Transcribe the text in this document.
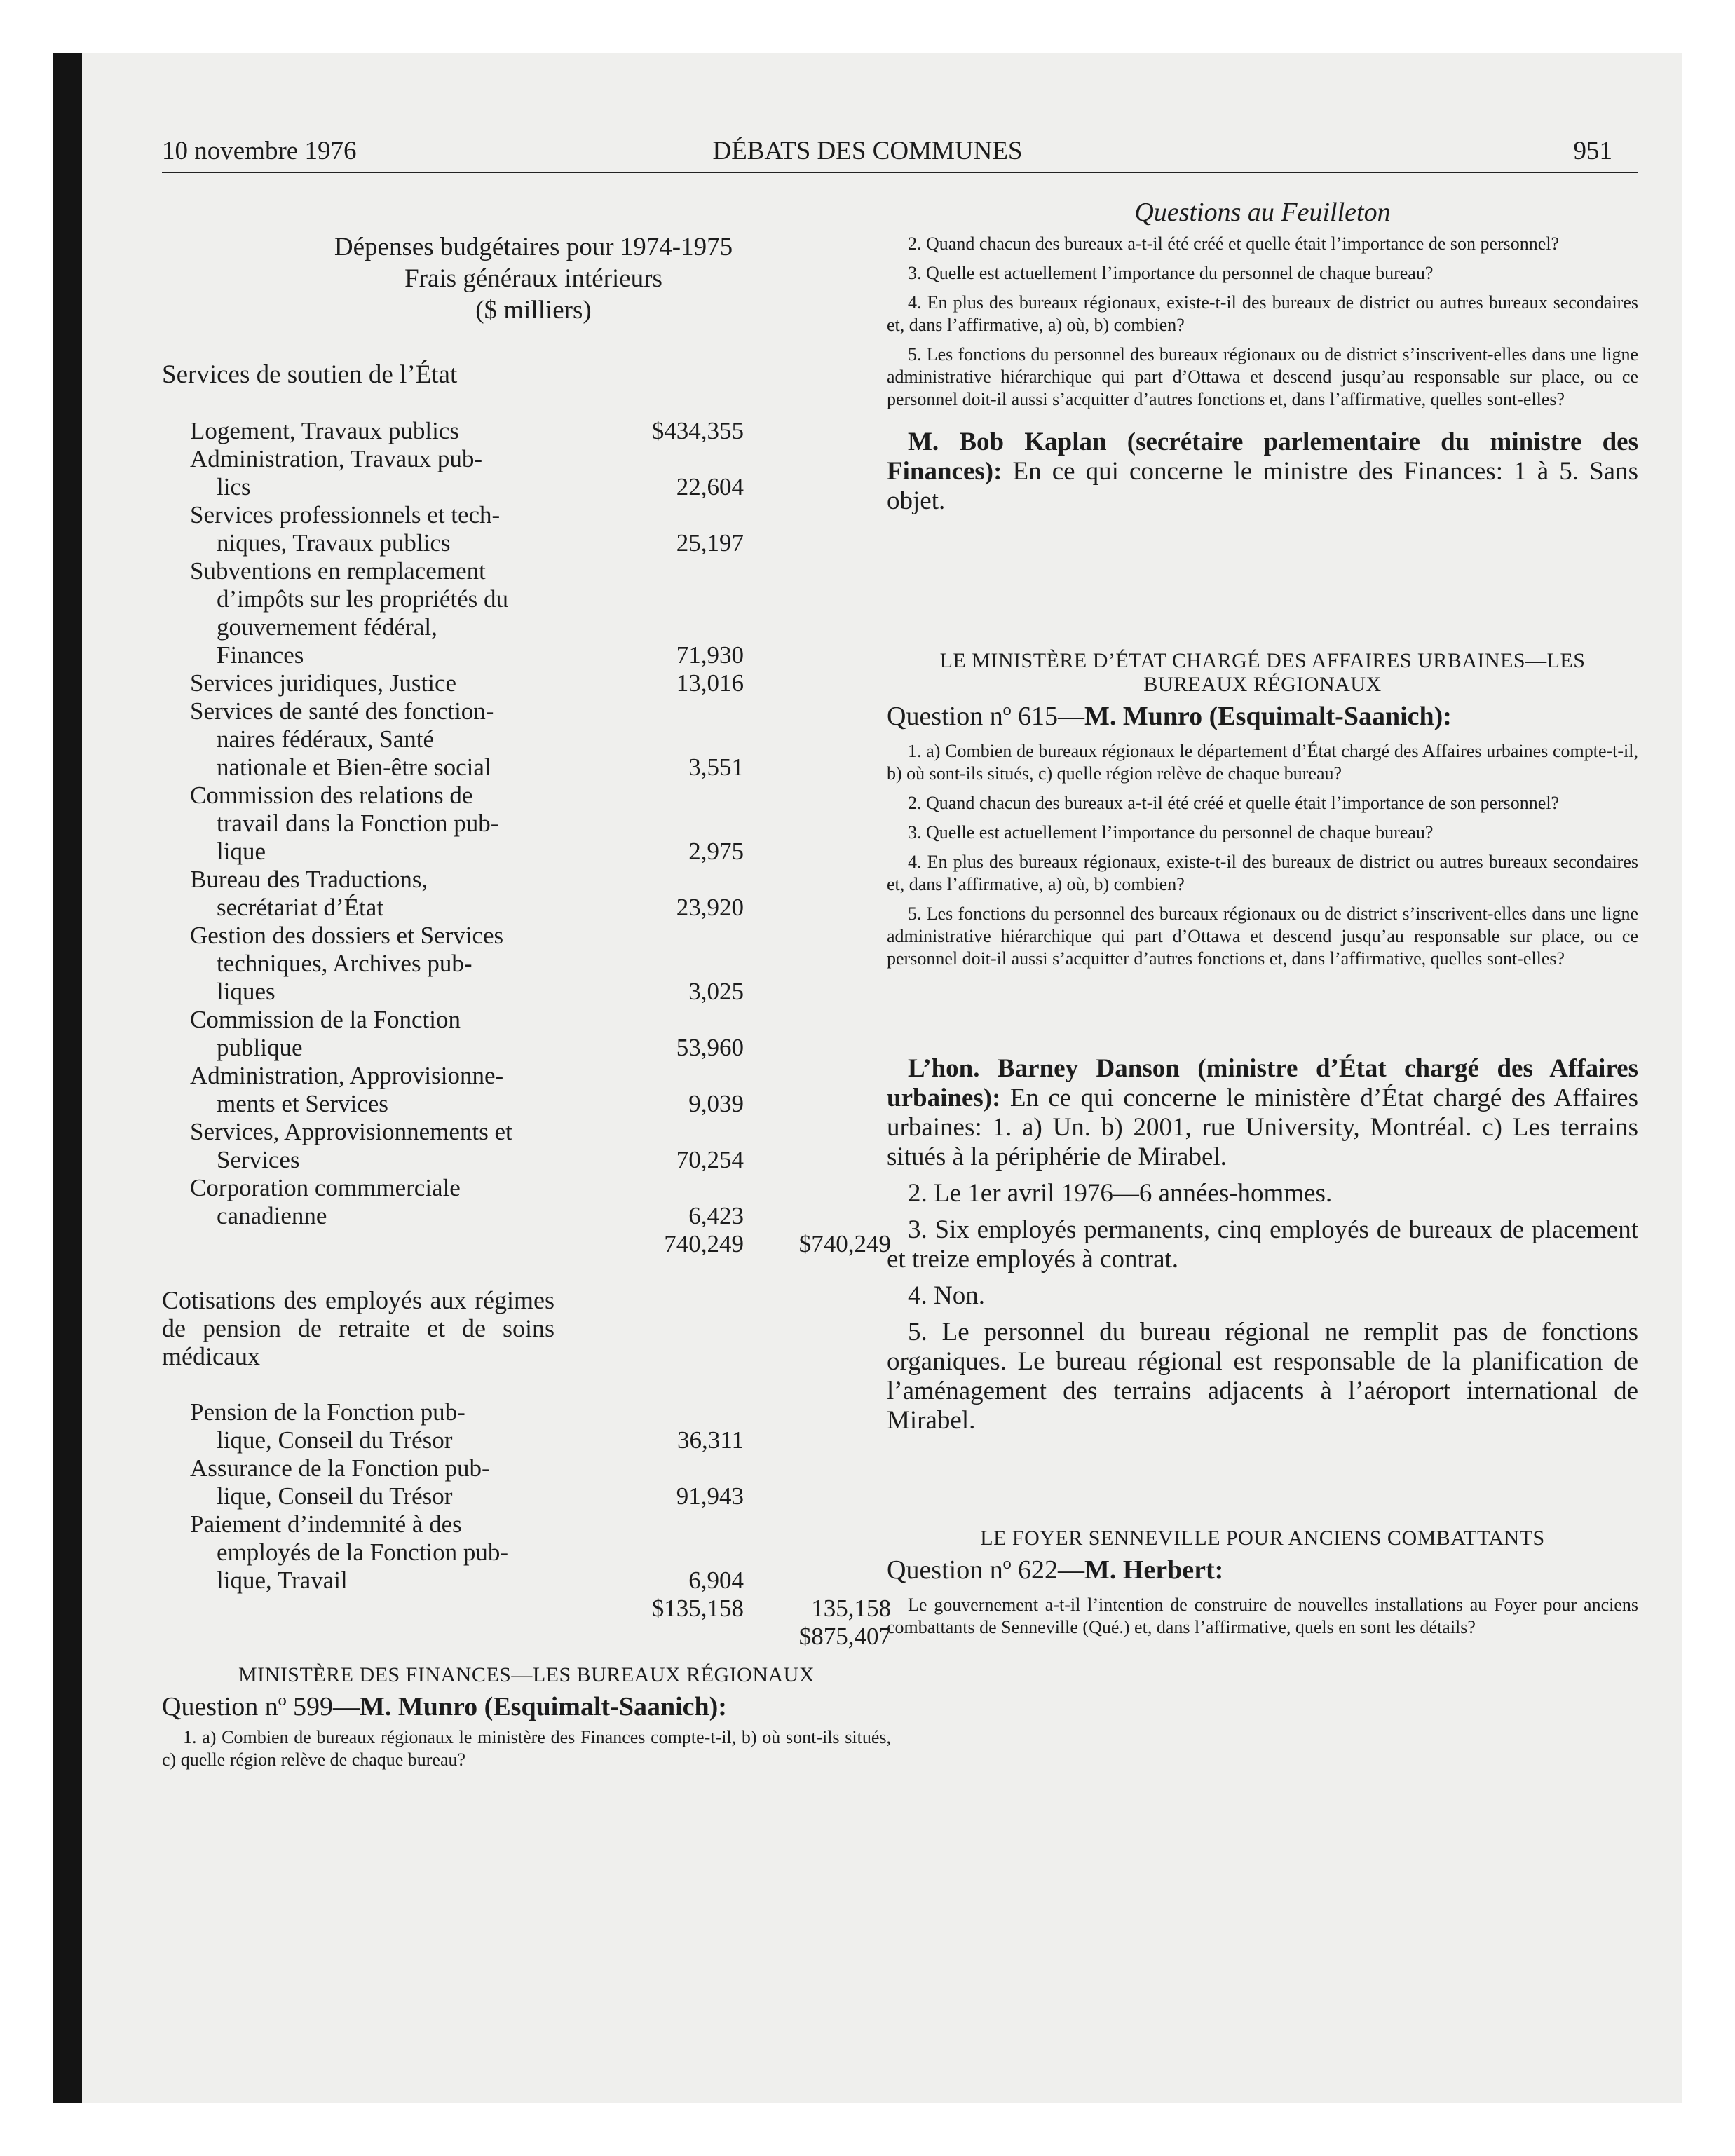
10 novembre 1976	DÉBATS DES COMMUNES	951
Dépenses budgétaires pour 1974-1975
Frais généraux intérieurs
($ milliers)
Services de soutien de l’État
Logement, Travaux publics	$434,355
Administration, Travaux pub-
lics	22,604
Services professionnels et tech-
niques, Travaux publics	25,197
Subventions en remplacement
d’impôts sur les propriétés du
gouvernement fédéral,
Finances	71,930
Services juridiques, Justice	13,016
Services de santé des fonction-
naires fédéraux, Santé
nationale et Bien-être social	3,551
Commission des relations de
travail dans la Fonction pub-
lique	2,975
Bureau des Traductions,
secrétariat d’État	23,920
Gestion des dossiers et Services
techniques, Archives pub-
liques	3,025
Commission de la Fonction
publique	53,960
Administration, Approvisionne-
ments et Services	9,039
Services, Approvisionnements et
Services	70,254
Corporation commmerciale
canadienne	6,423
740,249 $740,249
Cotisations des employés aux régimes de pension de retraite et de soins médicaux
Pension de la Fonction pub-
lique, Conseil du Trésor	36,311
Assurance de la Fonction pub-
lique, Conseil du Trésor	91,943
Paiement d’indemnité à des
employés de la Fonction pub-
lique, Travail	6,904
$135,158	135,158
$875,407
MINISTÈRE DES FINANCES—LES BUREAUX RÉGIONAUX
Question nº 599—M. Munro (Esquimalt-Saanich):

1. a) Combien de bureaux régionaux le ministère des Finances compte-t-il, b) où sont-ils situés, c) quelle région relève de chaque bureau?

Questions au Feuilleton

2. Quand chacun des bureaux a-t-il été créé et quelle était l’importance de son personnel?

3. Quelle est actuellement l’importance du personnel de chaque bureau?

4. En plus des bureaux régionaux, existe-t-il des bureaux de district ou autres bureaux secondaires et, dans l’affirmative, a) où, b) combien?

5. Les fonctions du personnel des bureaux régionaux ou de district s’inscrivent-elles dans une ligne administrative hiérarchique qui part d’Ottawa et descend jusqu’au responsable sur place, ou ce personnel doit-il aussi s’acquitter d’autres fonctions et, dans l’affirmative, quelles sont-elles?

M. Bob Kaplan (secrétaire parlementaire du ministre des Finances): En ce qui concerne le ministre des Finances: 1 à 5. Sans objet.

LE MINISTÈRE D’ÉTAT CHARGÉ DES AFFAIRES URBAINES—LES BUREAUX RÉGIONAUX
Question nº 615—M. Munro (Esquimalt-Saanich):

1. a) Combien de bureaux régionaux le département d’État chargé des Affaires urbaines compte-t-il, b) où sont-ils situés, c) quelle région relève de chaque bureau?

2. Quand chacun des bureaux a-t-il été créé et quelle était l’importance de son personnel?

3. Quelle est actuellement l’importance du personnel de chaque bureau?

4. En plus des bureaux régionaux, existe-t-il des bureaux de district ou autres bureaux secondaires et, dans l’affirmative, a) où, b) combien?

5. Les fonctions du personnel des bureaux régionaux ou de district s’inscrivent-elles dans une ligne administrative hiérarchique qui part d’Ottawa et descend jusqu’au responsable sur place, ou ce personnel doit-il aussi s’acquitter d’autres fonctions et, dans l’affirmative, quelles sont-elles?

L’hon. Barney Danson (ministre d’État chargé des Affaires urbaines): En ce qui concerne le ministère d’État chargé des Affaires urbaines: 1. a) Un. b) 2001, rue University, Montréal. c) Les terrains situés à la périphérie de Mirabel.

2. Le 1er avril 1976—6 années-hommes.

3. Six employés permanents, cinq employés de bureaux de placement et treize employés à contrat.

4. Non.

5. Le personnel du bureau régional ne remplit pas de fonctions organiques. Le bureau régional est responsable de la planification de l’aménagement des terrains adjacents à l’aéroport international de Mirabel.

LE FOYER SENNEVILLE POUR ANCIENS COMBATTANTS
Question nº 622—M. Herbert:

Le gouvernement a-t-il l’intention de construire de nouvelles installations au Foyer pour anciens combattants de Senneville (Qué.) et, dans l’affirmative, quels en sont les détails?
